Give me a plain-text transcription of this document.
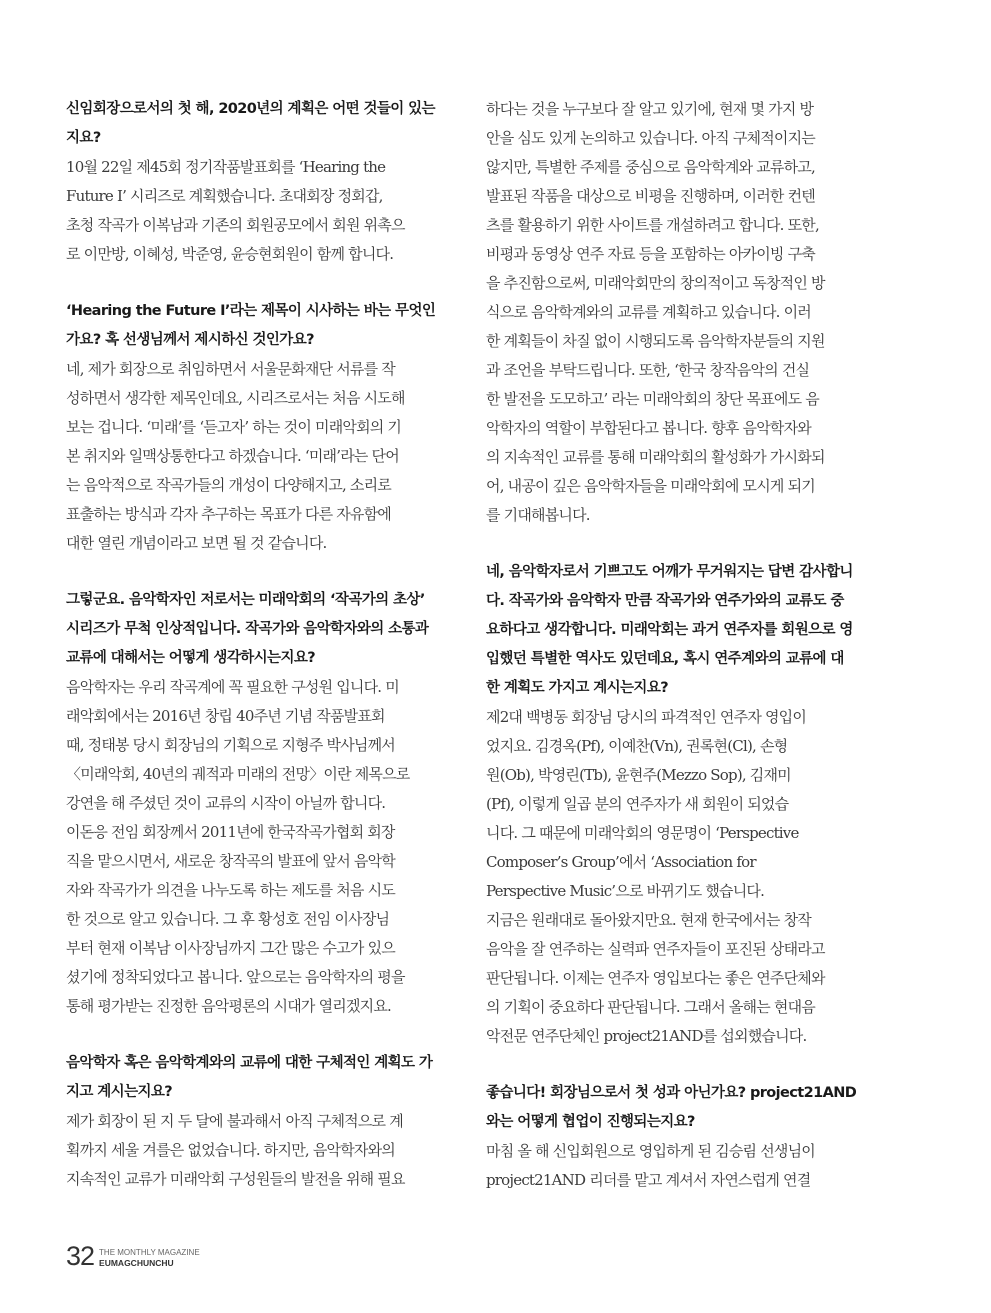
신임회장으로서의 첫 해, 2020년의 계획은 어떤 것들이 있는
지요?

10월 22일 제45회 정기작품발표회를 ‘Hearing the
Future I’ 시리즈로 계획했습니다. 초대회장 정회갑,
초청 작곡가 이복남과 기존의 회원공모에서 회원 위촉으
로 이만방, 이혜성, 박준영, 윤승현회원이 함께 합니다.

‘Hearing the Future I’라는 제목이 시사하는 바는 무엇인
가요? 혹 선생님께서 제시하신 것인가요?

네, 제가 회장으로 취임하면서 서울문화재단 서류를 작
성하면서 생각한 제목인데요, 시리즈로서는 처음 시도해
보는 겁니다. ‘미래’를 ‘듣고자’ 하는 것이 미래악회의 기
본 취지와 일맥상통한다고 하겠습니다. ‘미래’라는 단어
는 음악적으로 작곡가들의 개성이 다양해지고, 소리로
표출하는 방식과 각자 추구하는 목표가 다른 자유함에
대한 열린 개념이라고 보면 될 것 같습니다.

그렇군요. 음악학자인 저로서는 미래악회의 ‘작곡가의 초상’
시리즈가 무척 인상적입니다. 작곡가와 음악학자와의 소통과
교류에 대해서는 어떻게 생각하시는지요?

음악학자는 우리 작곡계에 꼭 필요한 구성원 입니다. 미
래악회에서는 2016년 창립 40주년 기념 작품발표회
때, 정태봉 당시 회장님의 기획으로 지형주 박사님께서
〈미래악회, 40년의 궤적과 미래의 전망〉이란 제목으로
강연을 해 주셨던 것이 교류의 시작이 아닐까 합니다.
이돈응 전임 회장께서 2011년에 한국작곡가협회 회장
직을 맡으시면서, 새로운 창작곡의 발표에 앞서 음악학
자와 작곡가가 의견을 나누도록 하는 제도를 처음 시도
한 것으로 알고 있습니다. 그 후 황성호 전임 이사장님
부터 현재 이복남 이사장님까지 그간 많은 수고가 있으
셨기에 정착되었다고 봅니다. 앞으로는 음악학자의 평을
통해 평가받는 진정한 음악평론의 시대가 열리겠지요.

음악학자 혹은 음악학계와의 교류에 대한 구체적인 계획도 가
지고 계시는지요?

제가 회장이 된 지 두 달에 불과해서 아직 구체적으로 계
획까지 세울 겨를은 없었습니다. 하지만, 음악학자와의
지속적인 교류가 미래악회 구성원들의 발전을 위해 필요

하다는 것을 누구보다 잘 알고 있기에, 현재 몇 가지 방
안을 심도 있게 논의하고 있습니다. 아직 구체적이지는
않지만, 특별한 주제를 중심으로 음악학계와 교류하고,
발표된 작품을 대상으로 비평을 진행하며, 이러한 컨텐
츠를 활용하기 위한 사이트를 개설하려고 합니다. 또한,
비평과 동영상 연주 자료 등을 포함하는 아카이빙 구축
을 추진함으로써, 미래악회만의 창의적이고 독창적인 방
식으로 음악학계와의 교류를 계획하고 있습니다. 이러
한 계획들이 차질 없이 시행되도록 음악학자분들의 지원
과 조언을 부탁드립니다. 또한, ‘한국 창작음악의 건실
한 발전을 도모하고’ 라는 미래악회의 창단 목표에도 음
악학자의 역할이 부합된다고 봅니다. 향후 음악학자와
의 지속적인 교류를 통해 미래악회의 활성화가 가시화되
어, 내공이 깊은 음악학자들을 미래악회에 모시게 되기
를 기대해봅니다.

네, 음악학자로서 기쁘고도 어깨가 무거워지는 답변 감사합니
다. 작곡가와 음악학자 만큼 작곡가와 연주가와의 교류도 중
요하다고 생각합니다. 미래악회는 과거 연주자를 회원으로 영
입했던 특별한 역사도 있던데요, 혹시 연주계와의 교류에 대
한 계획도 가지고 계시는지요?

제2대 백병동 회장님 당시의 파격적인 연주자 영입이
었지요. 김경옥(Pf), 이예찬(Vn), 권록현(Cl), 손형
원(Ob), 박영린(Tb), 윤현주(Mezzo Sop), 김재미
(Pf), 이렇게 일곱 분의 연주자가 새 회원이 되었습
니다. 그 때문에 미래악회의 영문명이 ‘Perspective
Composer’s Group’에서 ‘Association for
Perspective Music’으로 바뀌기도 했습니다.
지금은 원래대로 돌아왔지만요. 현재 한국에서는 창작
음악을 잘 연주하는 실력파 연주자들이 포진된 상태라고
판단됩니다. 이제는 연주자 영입보다는 좋은 연주단체와
의 기획이 중요하다 판단됩니다. 그래서 올해는 현대음
악전문 연주단체인 project21AND를 섭외했습니다.

좋습니다! 회장님으로서 첫 성과 아닌가요? project21AND
와는 어떻게 협업이 진행되는지요?

마침 올 해 신입회원으로 영입하게 된 김승림 선생님이
project21AND 리더를 맡고 계셔서 자연스럽게 연결

32 THE MONTHLY MAGAZINE
EUMAGCHUNCHU
